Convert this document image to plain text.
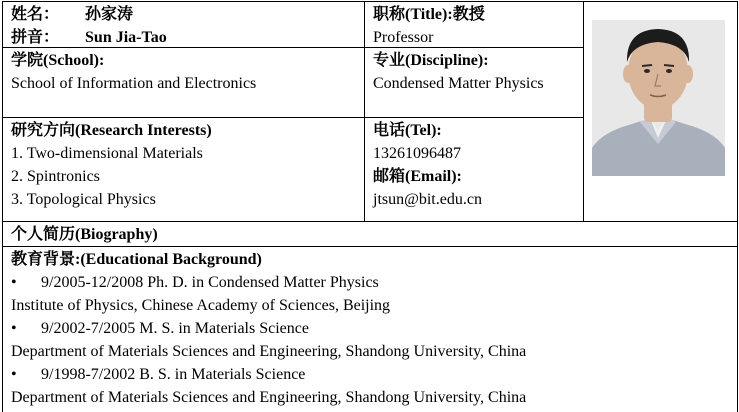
姓名： 孙家涛
拼音： Sun Jia-Tao
职称(Title):教授
Professor
学院(School):
School of Information and Electronics
专业(Discipline):
Condensed Matter Physics
研究方向(Research Interests)
1. Two-dimensional Materials
2. Spintronics
3. Topological Physics
电话(Tel):
13261096487
邮箱(Email):
jtsun@bit.edu.cn
个人简历(Biography)
教育背景:(Educational Background)
• 9/2005-12/2008 Ph. D. in Condensed Matter Physics
Institute of Physics, Chinese Academy of Sciences, Beijing
• 9/2002-7/2005 M. S. in Materials Science
Department of Materials Sciences and Engineering, Shandong University, China
• 9/1998-7/2002 B. S. in Materials Science
Department of Materials Sciences and Engineering, Shandong University, China
